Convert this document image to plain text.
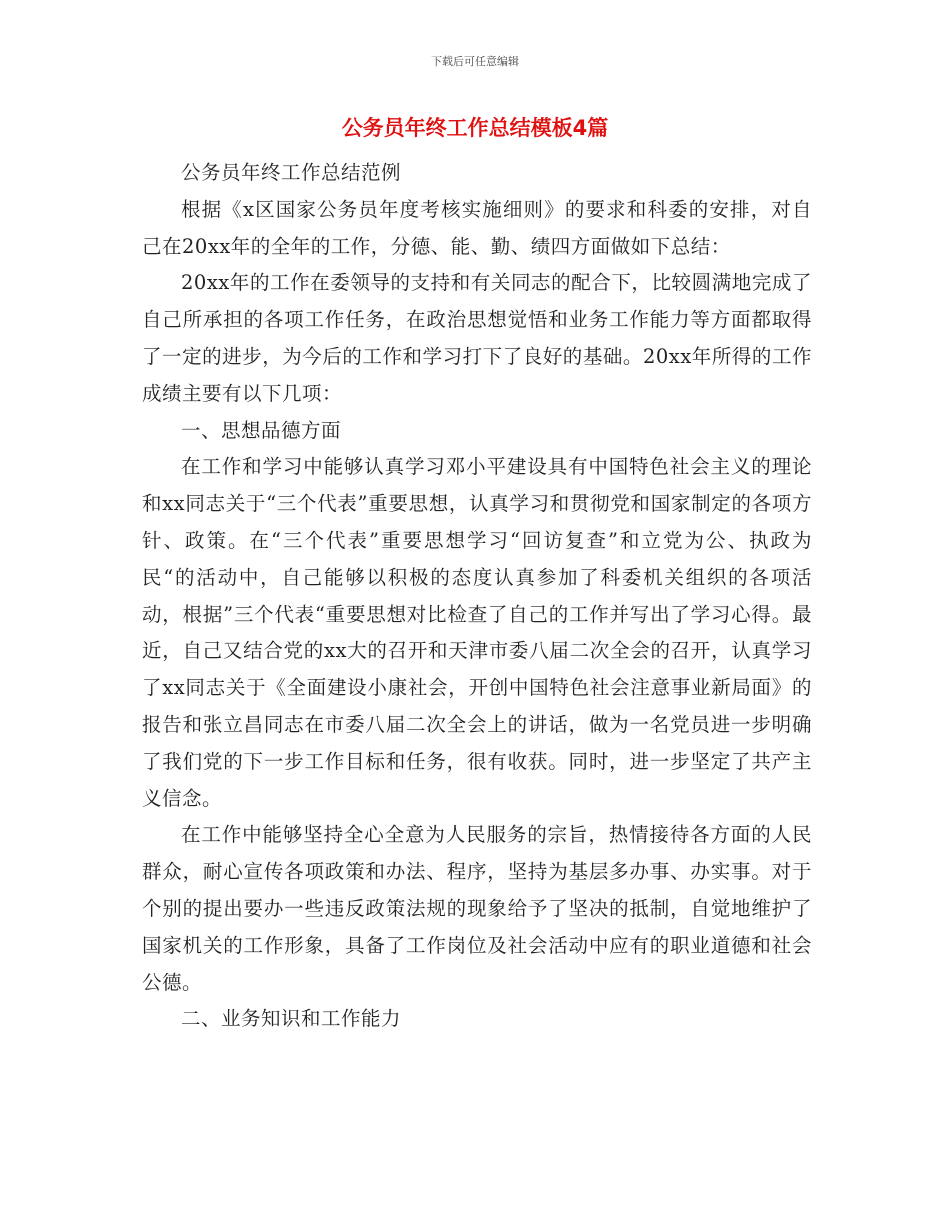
下载后可任意编辑
公务员年终工作总结模板4篇

公务员年终工作总结范例

根据《x区国家公务员年度考核实施细则》的要求和科委的安排，对自己在20xx年的全年的工作，分德、能、勤、绩四方面做如下总结：

20xx年的工作在委领导的支持和有关同志的配合下，比较圆满地完成了自己所承担的各项工作任务，在政治思想觉悟和业务工作能力等方面都取得了一定的进步，为今后的工作和学习打下了良好的基础。20xx年所得的工作成绩主要有以下几项：

一、思想品德方面

在工作和学习中能够认真学习邓小平建设具有中国特色社会主义的理论和xx同志关于“三个代表”重要思想，认真学习和贯彻党和国家制定的各项方针、政策。在“三个代表”重要思想学习“回访复查”和立党为公、执政为民“的活动中，自己能够以积极的态度认真参加了科委机关组织的各项活动，根据”三个代表“重要思想对比检查了自己的工作并写出了学习心得。最近，自己又结合党的xx大的召开和天津市委八届二次全会的召开，认真学习了xx同志关于《全面建设小康社会，开创中国特色社会注意事业新局面》的报告和张立昌同志在市委八届二次全会上的讲话，做为一名党员进一步明确了我们党的下一步工作目标和任务，很有收获。同时，进一步坚定了共产主义信念。

在工作中能够坚持全心全意为人民服务的宗旨，热情接待各方面的人民群众，耐心宣传各项政策和办法、程序，坚持为基层多办事、办实事。对于个别的提出要办一些违反政策法规的现象给予了坚决的抵制，自觉地维护了国家机关的工作形象，具备了工作岗位及社会活动中应有的职业道德和社会公德。

二、业务知识和工作能力
